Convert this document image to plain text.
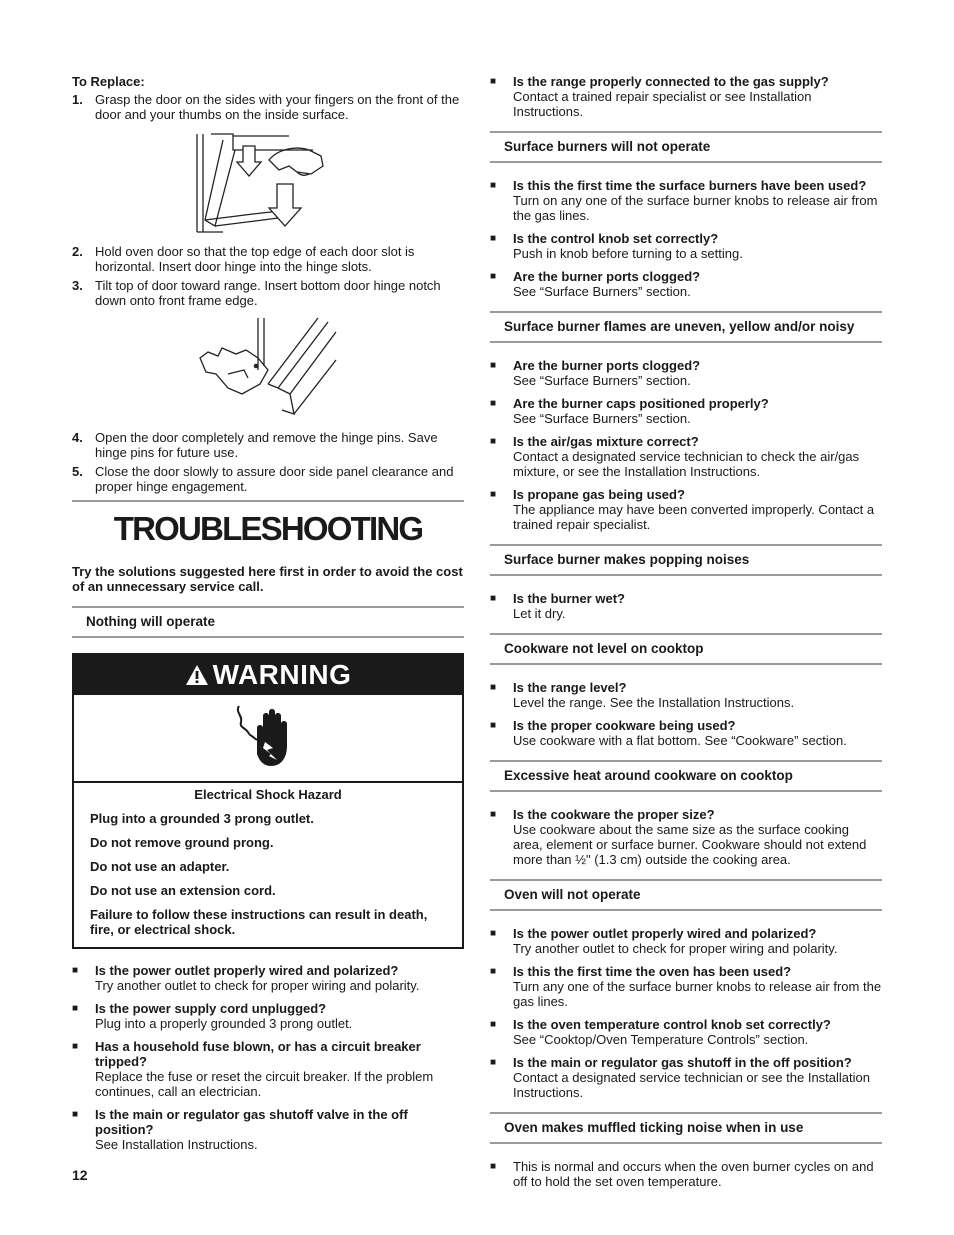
To Replace:
1. Grasp the door on the sides with your fingers on the front of the door and your thumbs on the inside surface.
2. Hold oven door so that the top edge of each door slot is horizontal. Insert door hinge into the hinge slots.
3. Tilt top of door toward range. Insert bottom door hinge notch down onto front frame edge.
4. Open the door completely and remove the hinge pins. Save hinge pins for future use.
5. Close the door slowly to assure door side panel clearance and proper hinge engagement.
TROUBLESHOOTING
Try the solutions suggested here first in order to avoid the cost of an unnecessary service call.
Nothing will operate
WARNING
Electrical Shock Hazard
Plug into a grounded 3 prong outlet.
Do not remove ground prong.
Do not use an adapter.
Do not use an extension cord.
Failure to follow these instructions can result in death, fire, or electrical shock.
■	Is the power outlet properly wired and polarized?
Try another outlet to check for proper wiring and polarity.
■	Is the power supply cord unplugged?
Plug into a properly grounded 3 prong outlet.
■	Has a household fuse blown, or has a circuit breaker tripped?
Replace the fuse or reset the circuit breaker. If the problem continues, call an electrician.
■	Is the main or regulator gas shutoff valve in the off position?
See Installation Instructions.
■	Is the range properly connected to the gas supply?
Contact a trained repair specialist or see Installation Instructions.
Surface burners will not operate
■	Is this the first time the surface burners have been used?
Turn on any one of the surface burner knobs to release air from the gas lines.
■	Is the control knob set correctly?
Push in knob before turning to a setting.
■	Are the burner ports clogged?
See “Surface Burners” section.
Surface burner flames are uneven, yellow and/or noisy
■	Are the burner ports clogged?
See “Surface Burners” section.
■	Are the burner caps positioned properly?
See “Surface Burners” section.
■	Is the air/gas mixture correct?
Contact a designated service technician to check the air/gas mixture, or see the Installation Instructions.
■	Is propane gas being used?
The appliance may have been converted improperly. Contact a trained repair specialist.
Surface burner makes popping noises
■	Is the burner wet?
Let it dry.
Cookware not level on cooktop
■	Is the range level?
Level the range. See the Installation Instructions.
■	Is the proper cookware being used?
Use cookware with a flat bottom. See “Cookware” section.
Excessive heat around cookware on cooktop
■	Is the cookware the proper size?
Use cookware about the same size as the surface cooking area, element or surface burner. Cookware should not extend more than ½" (1.3 cm) outside the cooking area.
Oven will not operate
■	Is the power outlet properly wired and polarized?
Try another outlet to check for proper wiring and polarity.
■	Is this the first time the oven has been used?
Turn any one of the surface burner knobs to release air from the gas lines.
■	Is the oven temperature control knob set correctly?
See “Cooktop/Oven Temperature Controls” section.
■	Is the main or regulator gas shutoff in the off position?
Contact a designated service technician or see the Installation Instructions.
Oven makes muffled ticking noise when in use
■	This is normal and occurs when the oven burner cycles on and off to hold the set oven temperature.
12
